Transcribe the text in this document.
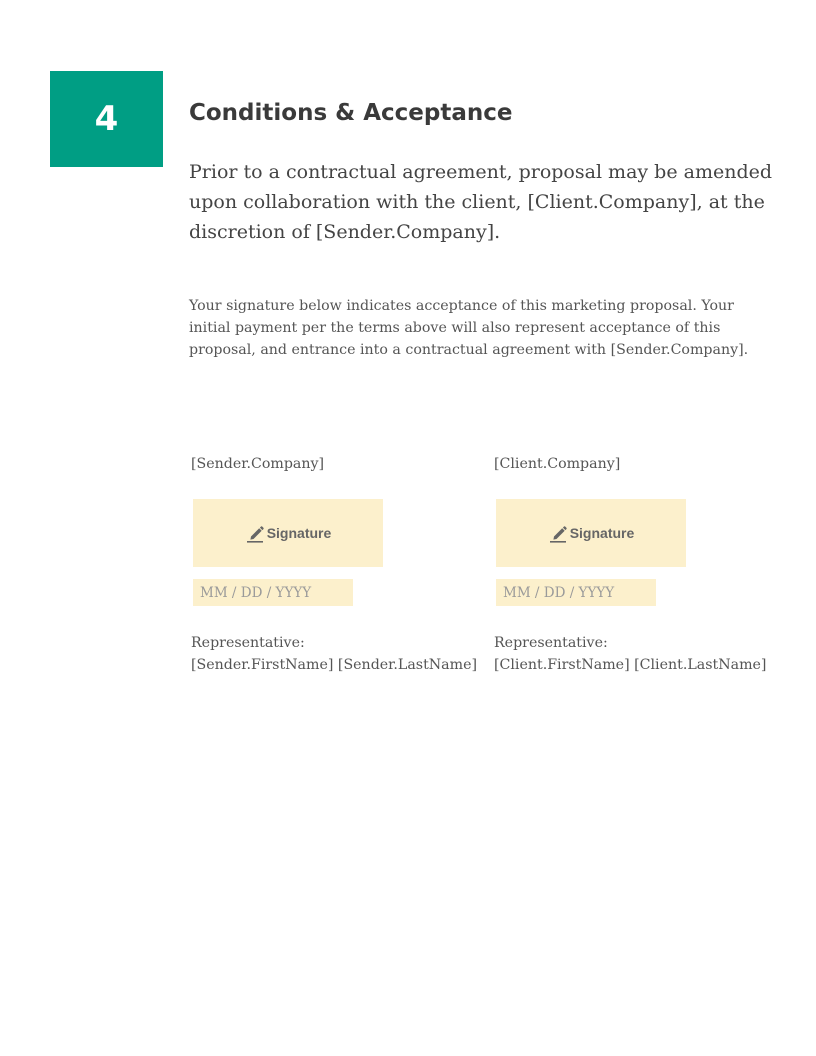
4	Conditions & Acceptance

Prior to a contractual agreement, proposal may be amended upon collaboration with the client, [Client.Company], at the discretion of [Sender.Company].

Your signature below indicates acceptance of this marketing proposal. Your initial payment per the terms above will also represent acceptance of this proposal, and entrance into a contractual agreement with [Sender.Company].

[Sender.Company]
Signature
MM / DD / YYYY
Representative:
[Sender.FirstName] [Sender.LastName]
[Client.Company]
Signature
MM / DD / YYYY
Representative:
[Client.FirstName] [Client.LastName]
